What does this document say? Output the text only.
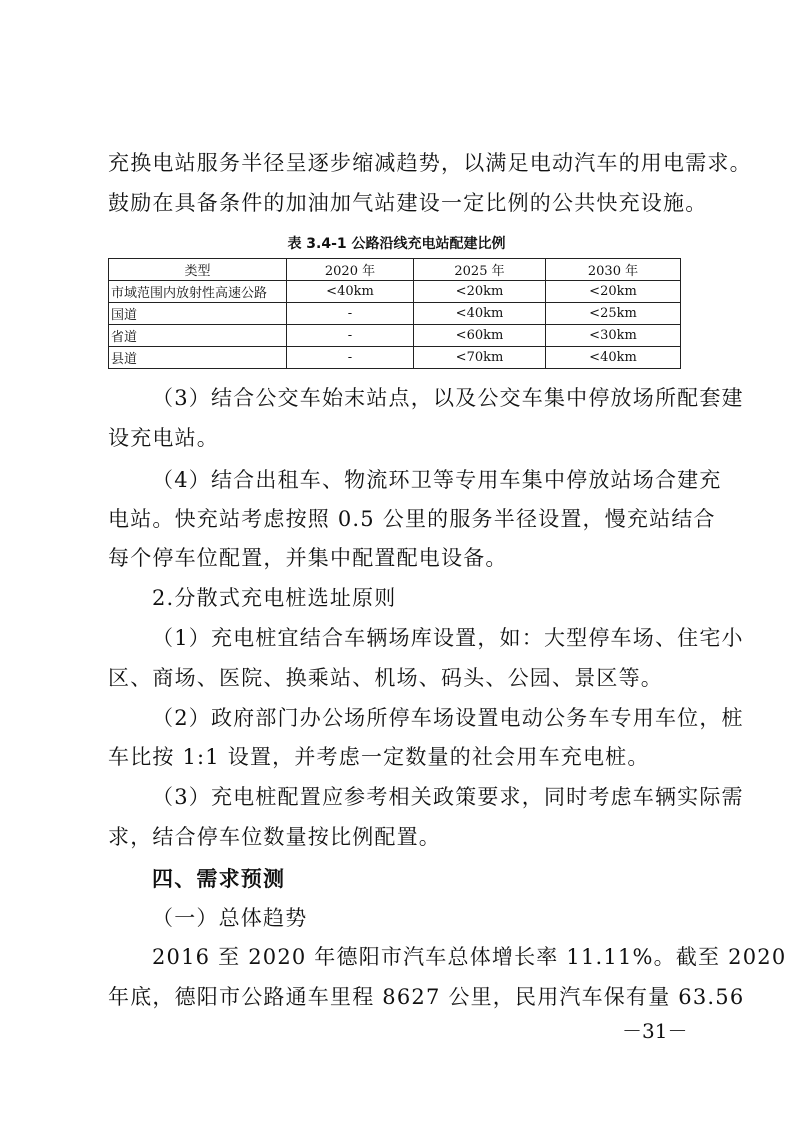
充换电站服务半径呈逐步缩减趋势，以满足电动汽车的用电需求。
鼓励在具备条件的加油加气站建设一定比例的公共快充设施。
表 3.4-1 公路沿线充电站配建比例
类型	2020 年	2025 年	2030 年
市域范围内放射性高速公路	<40km	<20km	<20km
国道	-	<40km	<25km
省道	-	<60km	<30km
县道	-	<70km	<40km
（3）结合公交车始末站点，以及公交车集中停放场所配套建
设充电站。
（4）结合出租车、物流环卫等专用车集中停放站场合建充
电站。快充站考虑按照 0.5 公里的服务半径设置，慢充站结合
每个停车位配置，并集中配置配电设备。
2.分散式充电桩选址原则
（1）充电桩宜结合车辆场库设置，如：大型停车场、住宅小
区、商场、医院、换乘站、机场、码头、公园、景区等。
（2）政府部门办公场所停车场设置电动公务车专用车位，桩
车比按 1:1 设置，并考虑一定数量的社会用车充电桩。
（3）充电桩配置应参考相关政策要求，同时考虑车辆实际需
求，结合停车位数量按比例配置。
四、需求预测
（一）总体趋势
2016 至 2020 年德阳市汽车总体增长率 11.11%。截至 2020
年底，德阳市公路通车里程 8627 公里，民用汽车保有量 63.56
－31－
